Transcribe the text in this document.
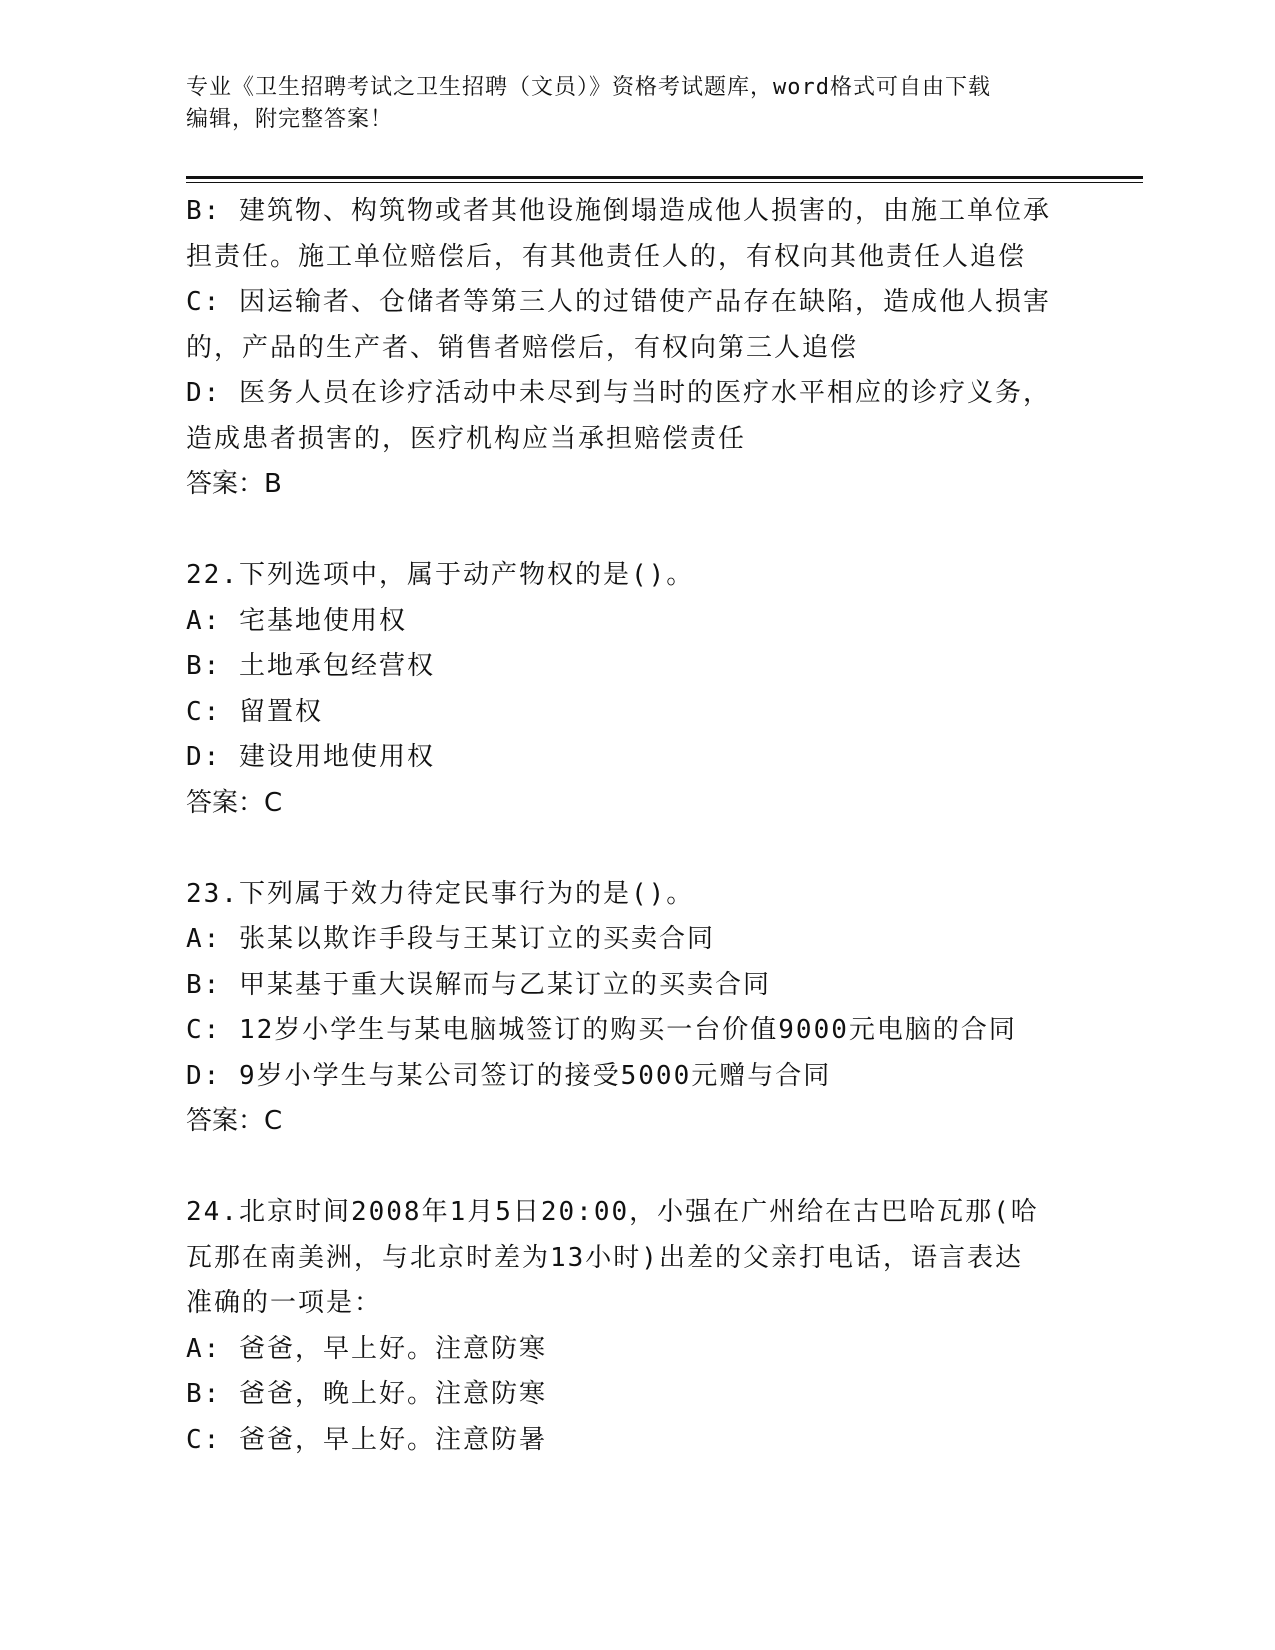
专业《卫生招聘考试之卫生招聘（文员）》资格考试题库，word格式可自由下载
编辑，附完整答案！
B: 建筑物、构筑物或者其他设施倒塌造成他人损害的，由施工单位承
担责任。施工单位赔偿后，有其他责任人的，有权向其他责任人追偿
C: 因运输者、仓储者等第三人的过错使产品存在缺陷，造成他人损害
的，产品的生产者、销售者赔偿后，有权向第三人追偿
D: 医务人员在诊疗活动中未尽到与当时的医疗水平相应的诊疗义务，
造成患者损害的，医疗机构应当承担赔偿责任
答案：B
22.下列选项中，属于动产物权的是()。
A: 宅基地使用权
B: 土地承包经营权
C: 留置权
D: 建设用地使用权
答案：C
23.下列属于效力待定民事行为的是()。
A: 张某以欺诈手段与王某订立的买卖合同
B: 甲某基于重大误解而与乙某订立的买卖合同
C: 12岁小学生与某电脑城签订的购买一台价值9000元电脑的合同
D: 9岁小学生与某公司签订的接受5000元赠与合同
答案：C
24.北京时间2008年1月5日20:00，小强在广州给在古巴哈瓦那(哈
瓦那在南美洲，与北京时差为13小时)出差的父亲打电话，语言表达
准确的一项是：
A: 爸爸，早上好。注意防寒
B: 爸爸，晚上好。注意防寒
C: 爸爸，早上好。注意防暑
